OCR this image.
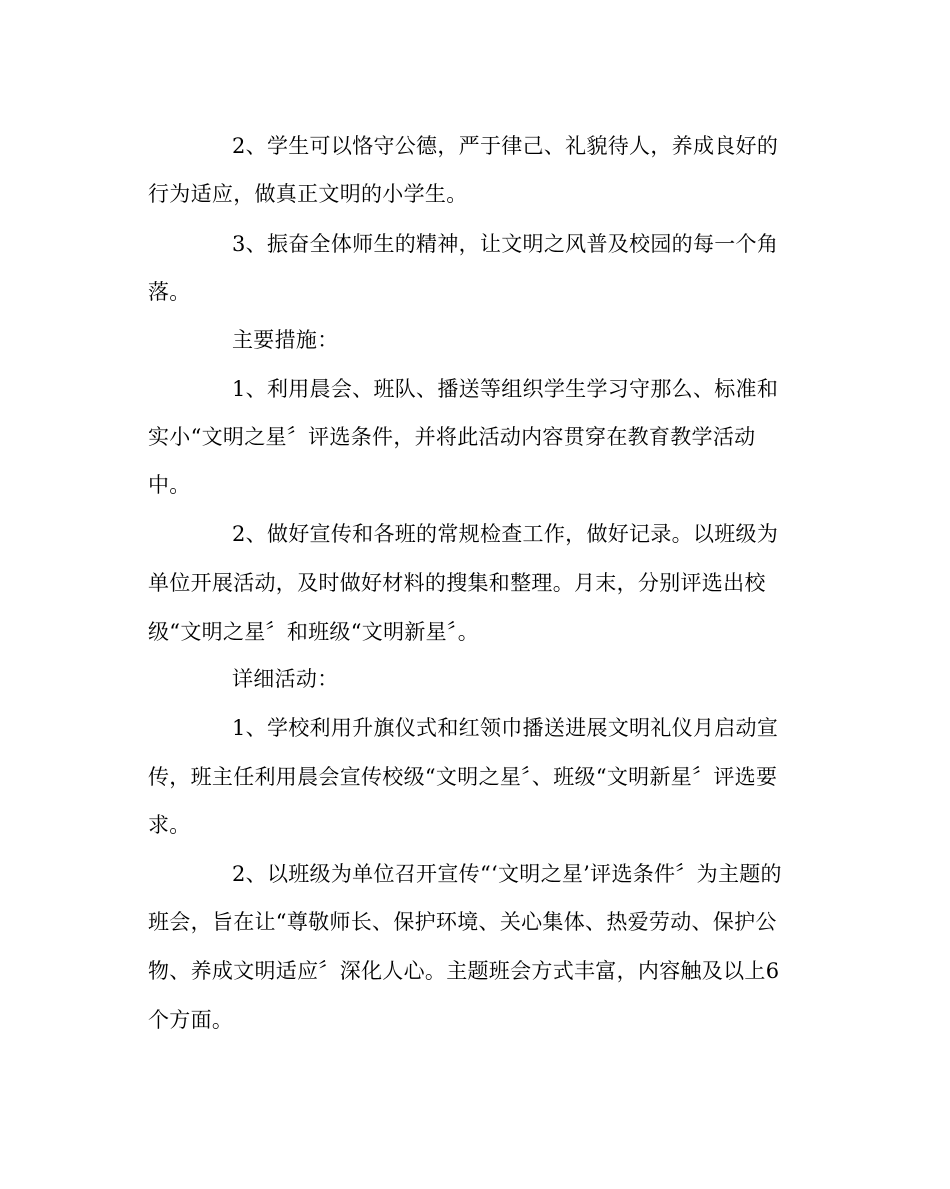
2、学生可以恪守公德，严于律己、礼貌待人，养成良好的

行为适应，做真正文明的小学生。

3、振奋全体师生的精神，让文明之风普及校园的每一个角

落。

主要措施：

1、利用晨会、班队、播送等组织学生学习守那么、标准和

实小“文明之星〞评选条件，并将此活动内容贯穿在教育教学活动

中。

2、做好宣传和各班的常规检查工作，做好记录。以班级为

单位开展活动，及时做好材料的搜集和整理。月末，分别评选出校

级“文明之星〞和班级“文明新星〞。

详细活动：

1、学校利用升旗仪式和红领巾播送进展文明礼仪月启动宣

传，班主任利用晨会宣传校级“文明之星〞、班级“文明新星〞评选要

求。

2、以班级为单位召开宣传“‘文明之星’评选条件〞为主题的

班会，旨在让“尊敬师长、保护环境、关心集体、热爱劳动、保护公

物、养成文明适应〞深化人心。主题班会方式丰富，内容触及以上6

个方面。
